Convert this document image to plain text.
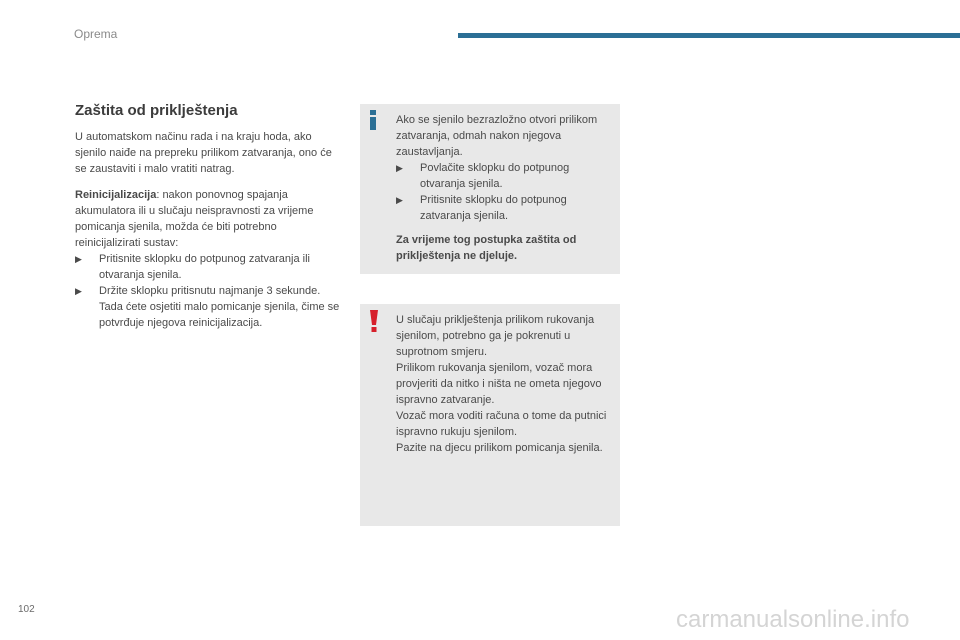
Oprema
Zaštita od priklještenja

U automatskom načinu rada i na kraju hoda, ako sjenilo naiđe na prepreku prilikom zatvaranja, ono će se zaustaviti i malo vratiti natrag.

Reinicijalizacija: nakon ponovnog spajanja akumulatora ili u slučaju neispravnosti za vrijeme pomicanja sjenila, možda će biti potrebno reinicijalizirati sustav:

▶	Pritisnite sklopku do potpunog zatvaranja ili otvaranja sjenila.
▶	Držite sklopku pritisnutu najmanje 3 sekunde. Tada ćete osjetiti malo pomicanje sjenila, čime se potvrđuje njegova reinicijalizacija.

Ako se sjenilo bezrazložno otvori prilikom zatvaranja, odmah nakon njegova zaustavljanja.

▶	Povlačite sklopku do potpunog otvaranja sjenila.
▶	Pritisnite sklopku do potpunog zatvaranja sjenila.

Za vrijeme tog postupka zaštita od priklještenja ne djeluje.

U slučaju priklještenja prilikom rukovanja sjenilom, potrebno ga je pokrenuti u suprotnom smjeru.

Prilikom rukovanja sjenilom, vozač mora provjeriti da nitko i ništa ne ometa njegovo ispravno zatvaranje.

Vozač mora voditi računa o tome da putnici ispravno rukuju sjenilom.

Pazite na djecu prilikom pomicanja sjenila.

102	carmanualsonline.info
